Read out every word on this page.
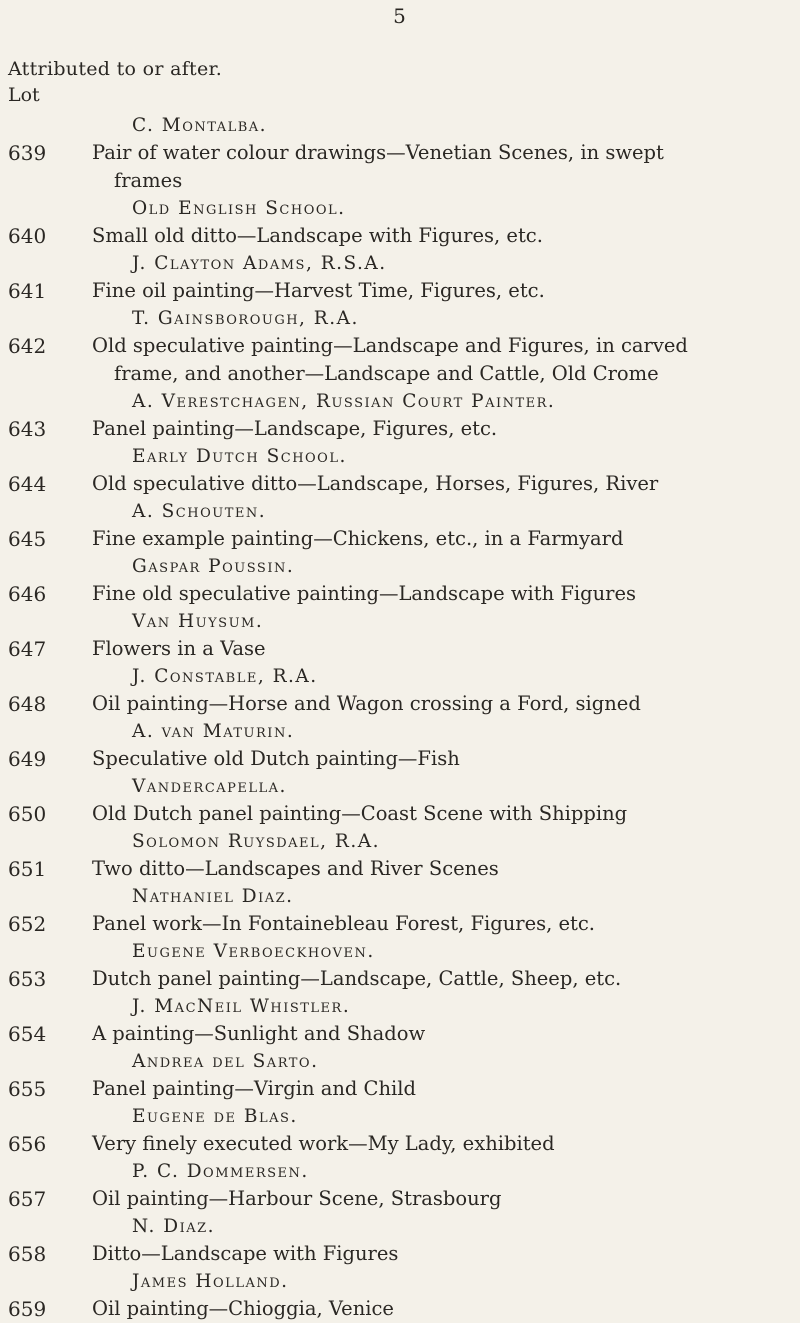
5
Attributed to or after.
Lot
C. Montalba.
639	Pair of water colour drawings—Venetian Scenes, in swept
frames
Old English School.
640	Small old ditto—Landscape with Figures, etc.
J. Clayton Adams, R.S.A.
641	Fine oil painting—Harvest Time, Figures, etc.
T. Gainsborough, R.A.
642	Old speculative painting—Landscape and Figures, in carved
frame, and another—Landscape and Cattle, Old Crome
A. Verestchagen, Russian Court Painter.
643	Panel painting—Landscape, Figures, etc.
Early Dutch School.
644	Old speculative ditto—Landscape, Horses, Figures, River
A. Schouten.
645	Fine example painting—Chickens, etc., in a Farmyard
Gaspar Poussin.
646	Fine old speculative painting—Landscape with Figures
Van Huysum.
647	Flowers in a Vase
J. Constable, R.A.
648	Oil painting—Horse and Wagon crossing a Ford, signed
A. van Maturin.
649	Speculative old Dutch painting—Fish
Vandercapella.
650	Old Dutch panel painting—Coast Scene with Shipping
Solomon Ruysdael, R.A.
651	Two ditto—Landscapes and River Scenes
Nathaniel Diaz.
652	Panel work—In Fontainebleau Forest, Figures, etc.
Eugene Verboeckhoven.
653	Dutch panel painting—Landscape, Cattle, Sheep, etc.
J. MacNeil Whistler.
654	A painting—Sunlight and Shadow
Andrea del Sarto.
655	Panel painting—Virgin and Child
Eugene de Blas.
656	Very finely executed work—My Lady, exhibited
P. C. Dommersen.
657	Oil painting—Harbour Scene, Strasbourg
N. Diaz.
658	Ditto—Landscape with Figures
James Holland.
659	Oil painting—Chioggia, Venice
